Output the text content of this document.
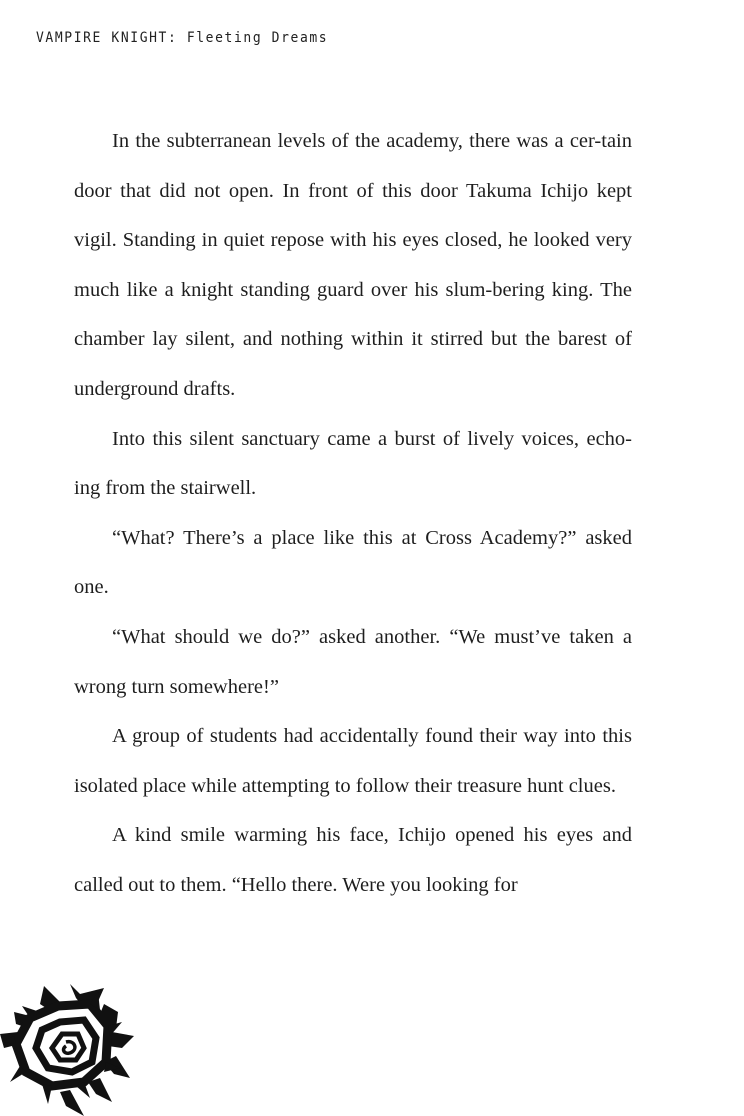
VAMPIRE KNIGHT: Fleeting Dreams

In the subterranean levels of the academy, there was a cer-tain door that did not open. In front of this door Takuma Ichijo kept vigil. Standing in quiet repose with his eyes closed, he looked very much like a knight standing guard over his slum-bering king. The chamber lay silent, and nothing within it stirred but the barest of underground drafts.

Into this silent sanctuary came a burst of lively voices, echo-ing from the stairwell.

“What? There’s a place like this at Cross Academy?” asked one.

“What should we do?” asked another. “We must’ve taken a wrong turn somewhere!”

A group of students had accidentally found their way into this isolated place while attempting to follow their treasure hunt clues.

A kind smile warming his face, Ichijo opened his eyes and called out to them. “Hello there. Were you looking for
